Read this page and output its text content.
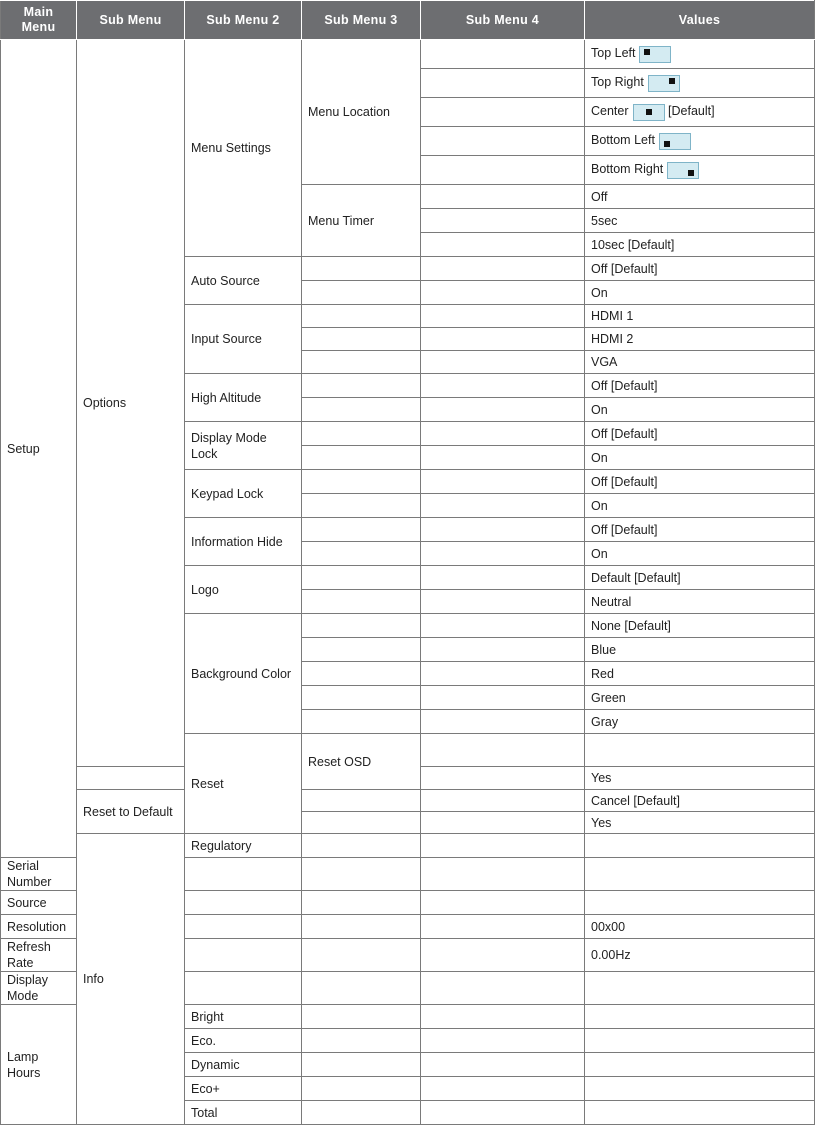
Main Menu	Sub Menu	Sub Menu 2	Sub Menu 3	Sub Menu 4	Values	
Setup	Options	Menu Settings	Menu Location		Top Left	

					Top Right	

					Center [Default]	
					Bottom Left	

					Bottom Right	

			Menu Timer		Off	
					5sec	
					10sec [Default]	
		Auto Source			Off [Default]	
					On	
		Input Source			HDMI 1	
					HDMI 2	
					VGA	
		High Altitude			Off [Default]	
					On	
		Display Mode Lock			Off [Default]	
					On	
		Keypad Lock			Off [Default]	
					On	
		Information Hide			Off [Default]	
					On	
		Logo			Default [Default]	
					Neutral	
		Background Color			None [Default]	
					Blue	
					Red	
					Green	
					Gray	
		Reset	Reset OSD			
					Yes	
	Reset to Default				Cancel [Default]	
					Yes	
	Info	Regulatory				
Serial Number						
Source						
Resolution					00x00	
Refresh Rate					0.00Hz	
Display Mode						
Lamp Hours		Bright				
		Eco.				
		Dynamic				
		Eco+				
		Total				
